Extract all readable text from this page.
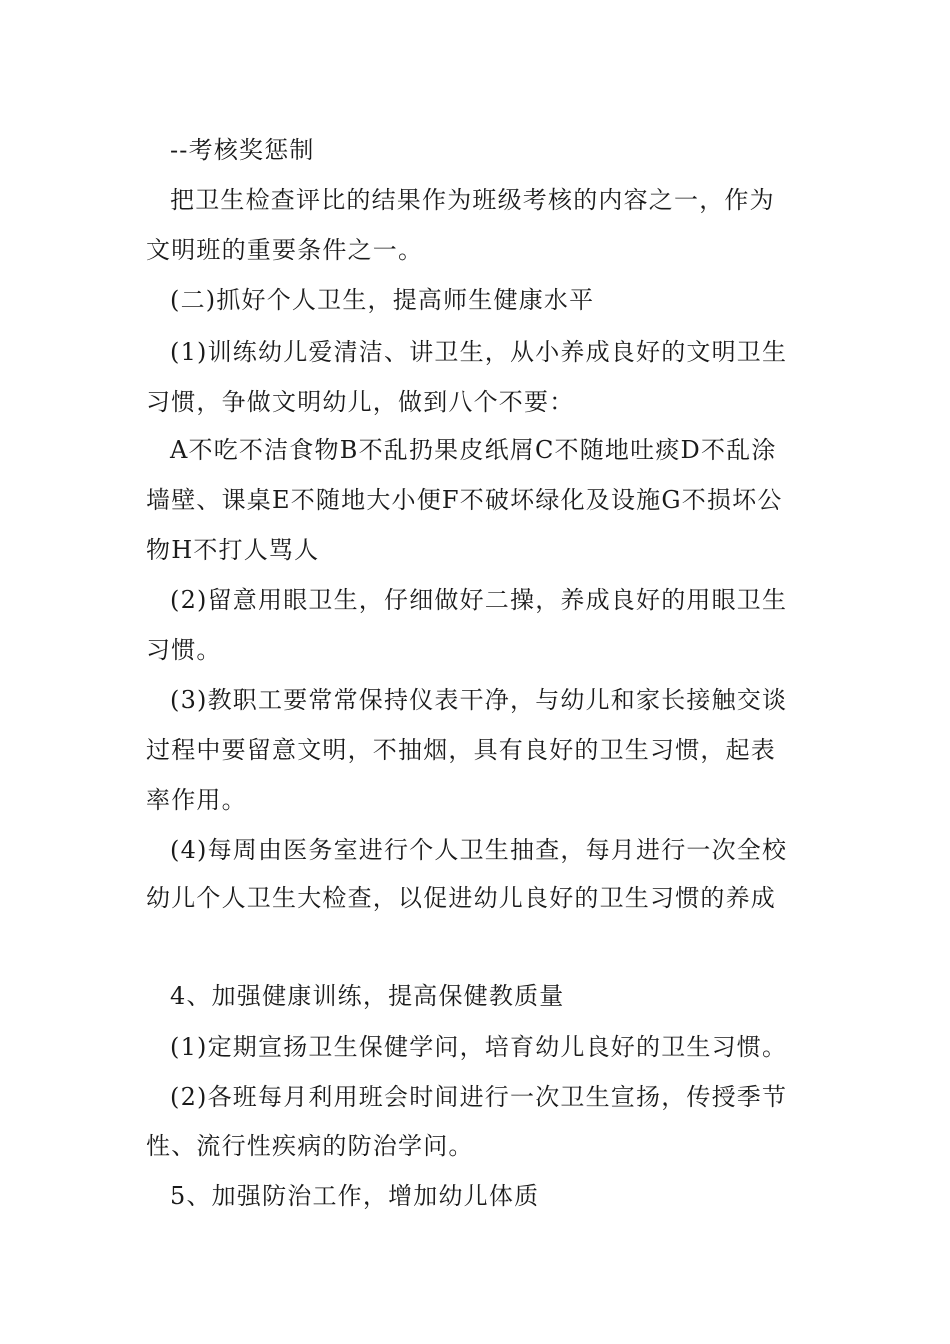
--考核奖惩制
把卫生检查评比的结果作为班级考核的内容之一，作为
文明班的重要条件之一。
(二)抓好个人卫生，提高师生健康水平
(1)训练幼儿爱清洁、讲卫生，从小养成良好的文明卫生
习惯，争做文明幼儿，做到八个不要：
A不吃不洁食物B不乱扔果皮纸屑C不随地吐痰D不乱涂
墙壁、课桌E不随地大小便F不破坏绿化及设施G不损坏公
物H不打人骂人
(2)留意用眼卫生，仔细做好二操，养成良好的用眼卫生
习惯。
(3)教职工要常常保持仪表干净，与幼儿和家长接触交谈
过程中要留意文明，不抽烟，具有良好的卫生习惯，起表
率作用。
(4)每周由医务室进行个人卫生抽查，每月进行一次全校
幼儿个人卫生大检查，以促进幼儿良好的卫生习惯的养成
4、加强健康训练，提高保健教质量
(1)定期宣扬卫生保健学问，培育幼儿良好的卫生习惯。
(2)各班每月利用班会时间进行一次卫生宣扬，传授季节
性、流行性疾病的防治学问。
5、加强防治工作，增加幼儿体质
